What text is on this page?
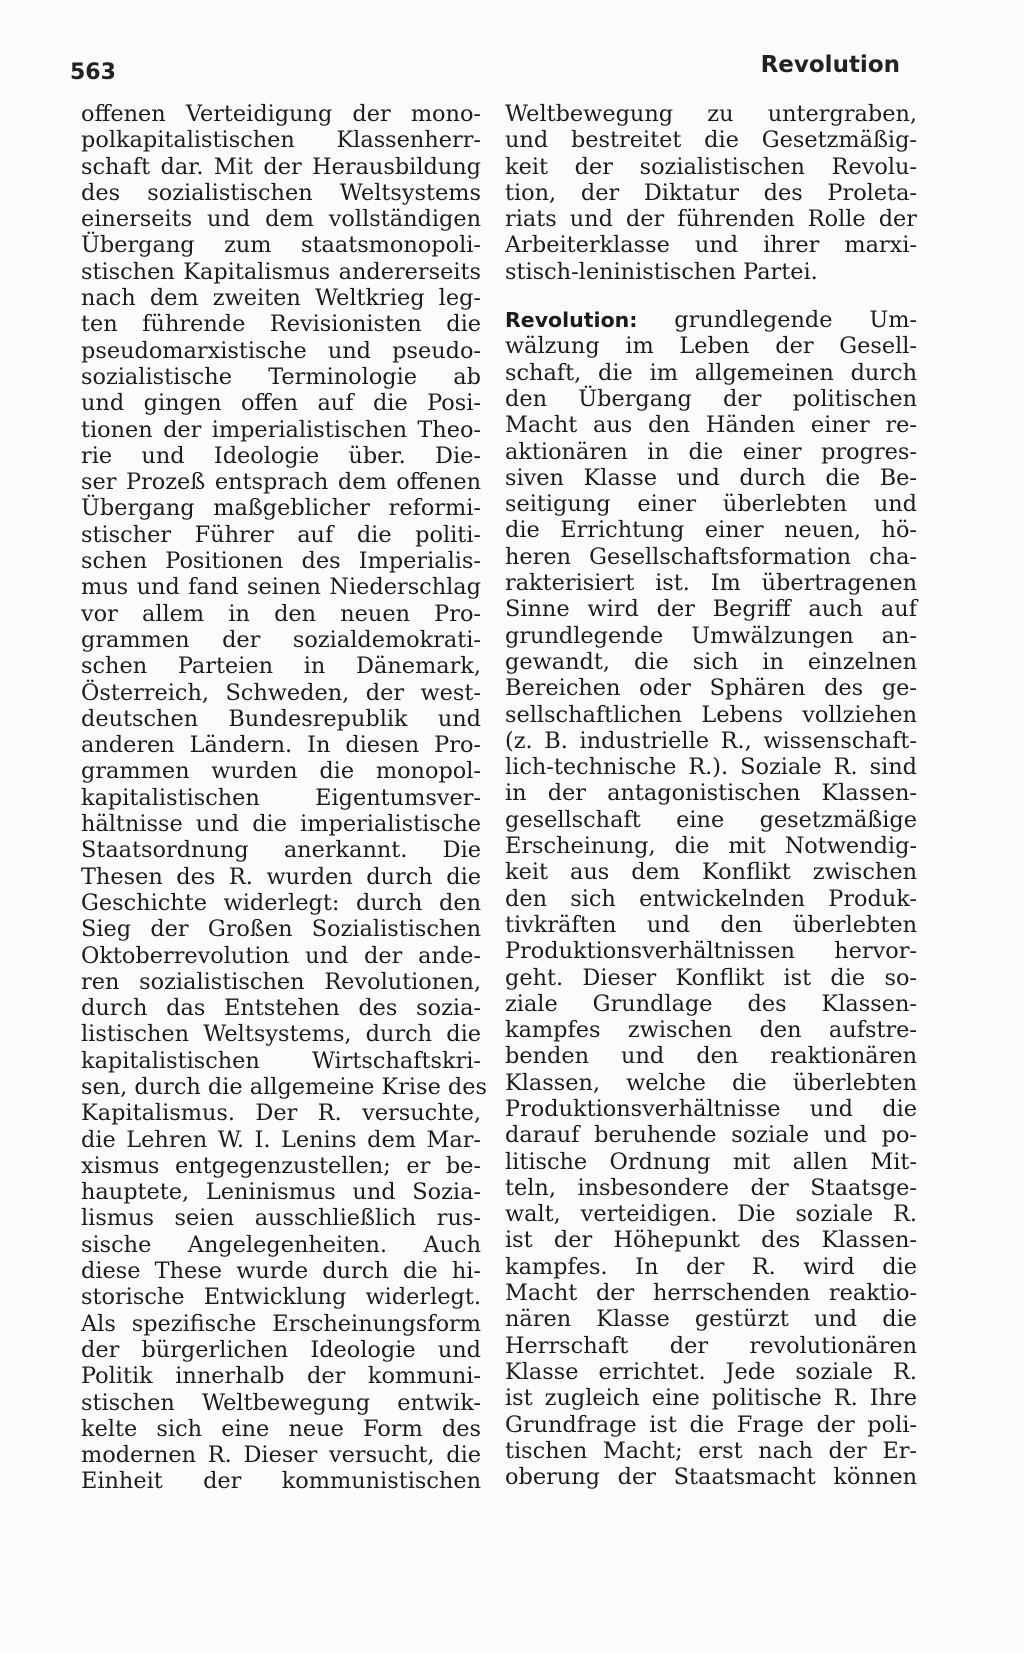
563	Revolution
offenen Verteidigung der mono-
polkapitalistischen Klassenherr-
schaft dar. Mit der Herausbildung
des sozialistischen Weltsystems
einerseits und dem vollständigen
Übergang zum staatsmonopoli-
stischen Kapitalismus andererseits
nach dem zweiten Weltkrieg leg-
ten führende Revisionisten die
pseudomarxistische und pseudo-
sozialistische Terminologie ab
und gingen offen auf die Posi-
tionen der imperialistischen Theo-
rie und Ideologie über. Die-
ser Prozeß entsprach dem offenen
Übergang maßgeblicher reformi-
stischer Führer auf die politi-
schen Positionen des Imperialis-
mus und fand seinen Niederschlag
vor allem in den neuen Pro-
grammen der sozialdemokrati-
schen Parteien in Dänemark,
Österreich, Schweden, der west-
deutschen Bundesrepublik und
anderen Ländern. In diesen Pro-
grammen wurden die monopol-
kapitalistischen Eigentumsver-
hältnisse und die imperialistische
Staatsordnung anerkannt. Die
Thesen des R. wurden durch die
Geschichte widerlegt: durch den
Sieg der Großen Sozialistischen
Oktoberrevolution und der ande-
ren sozialistischen Revolutionen,
durch das Entstehen des sozia-
listischen Weltsystems, durch die
kapitalistischen Wirtschaftskri-
sen, durch die allgemeine Krise des
Kapitalismus. Der R. versuchte,
die Lehren W. I. Lenins dem Mar-
xismus entgegenzustellen; er be-
hauptete, Leninismus und Sozia-
lismus seien ausschließlich rus-
sische Angelegenheiten. Auch
diese These wurde durch die hi-
storische Entwicklung widerlegt.
Als spezifische Erscheinungsform
der bürgerlichen Ideologie und
Politik innerhalb der kommuni-
stischen Weltbewegung entwik-
kelte sich eine neue Form des
modernen R. Dieser versucht, die
Einheit der kommunistischen
Weltbewegung zu untergraben,
und bestreitet die Gesetzmäßig-
keit der sozialistischen Revolu-
tion, der Diktatur des Proleta-
riats und der führenden Rolle der
Arbeiterklasse und ihrer marxi-
stisch-leninistischen Partei.
Revolution: grundlegende Um-
wälzung im Leben der Gesell-
schaft, die im allgemeinen durch
den Übergang der politischen
Macht aus den Händen einer re-
aktionären in die einer progres-
siven Klasse und durch die Be-
seitigung einer überlebten und
die Errichtung einer neuen, hö-
heren Gesellschaftsformation cha-
rakterisiert ist. Im übertragenen
Sinne wird der Begriff auch auf
grundlegende Umwälzungen an-
gewandt, die sich in einzelnen
Bereichen oder Sphären des ge-
sellschaftlichen Lebens vollziehen
(z. B. industrielle R., wissenschaft-
lich-technische R.). Soziale R. sind
in der antagonistischen Klassen-
gesellschaft eine gesetzmäßige
Erscheinung, die mit Notwendig-
keit aus dem Konflikt zwischen
den sich entwickelnden Produk-
tivkräften und den überlebten
Produktionsverhältnissen hervor-
geht. Dieser Konflikt ist die so-
ziale Grundlage des Klassen-
kampfes zwischen den aufstre-
benden und den reaktionären
Klassen, welche die überlebten
Produktionsverhältnisse und die
darauf beruhende soziale und po-
litische Ordnung mit allen Mit-
teln, insbesondere der Staatsge-
walt, verteidigen. Die soziale R.
ist der Höhepunkt des Klassen-
kampfes. In der R. wird die
Macht der herrschenden reaktio-
nären Klasse gestürzt und die
Herrschaft der revolutionären
Klasse errichtet. Jede soziale R.
ist zugleich eine politische R. Ihre
Grundfrage ist die Frage der poli-
tischen Macht; erst nach der Er-
oberung der Staatsmacht können
